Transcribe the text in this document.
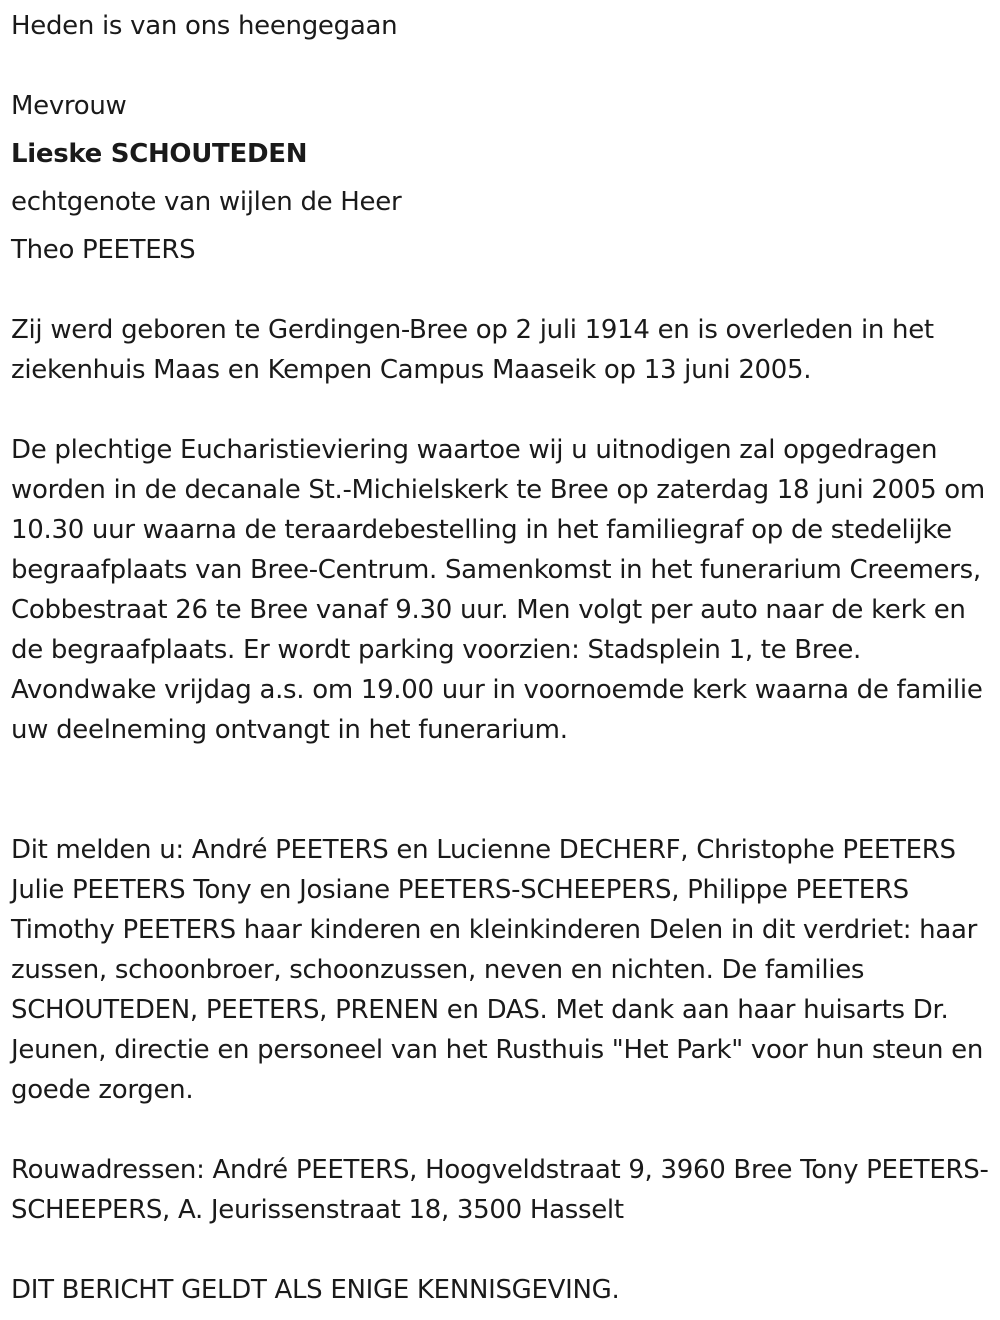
Heden is van ons heengegaan
Mevrouw
Lieske SCHOUTEDEN
echtgenote van wijlen de Heer
Theo PEETERS

Zij werd geboren te Gerdingen-Bree op 2 juli 1914 en is overleden in het ziekenhuis Maas en Kempen Campus Maaseik op 13 juni 2005.

De plechtige Eucharistieviering waartoe wij u uitnodigen zal opgedragen worden in de decanale St.-Michielskerk te Bree op zaterdag 18 juni 2005 om 10.30 uur waarna de teraardebestelling in het familiegraf op de stedelijke begraafplaats van Bree-Centrum. Samenkomst in het funerarium Creemers, Cobbestraat 26 te Bree vanaf 9.30 uur. Men volgt per auto naar de kerk en de begraafplaats. Er wordt parking voorzien: Stadsplein 1, te Bree. Avondwake vrijdag a.s. om 19.00 uur in voornoemde kerk waarna de familie uw deelneming ontvangt in het funerarium.

Dit melden u: André PEETERS en Lucienne DECHERF, Christophe PEETERS Julie PEETERS Tony en Josiane PEETERS-SCHEEPERS, Philippe PEETERS Timothy PEETERS haar kinderen en kleinkinderen Delen in dit verdriet: haar zussen, schoonbroer, schoonzussen, neven en nichten. De families SCHOUTEDEN, PEETERS, PRENEN en DAS. Met dank aan haar huisarts Dr. Jeunen, directie en personeel van het Rusthuis "Het Park" voor hun steun en goede zorgen.

Rouwadressen: André PEETERS, Hoogveldstraat 9, 3960 Bree Tony PEETERS-SCHEEPERS, A. Jeurissenstraat 18, 3500 Hasselt

DIT BERICHT GELDT ALS ENIGE KENNISGEVING.
